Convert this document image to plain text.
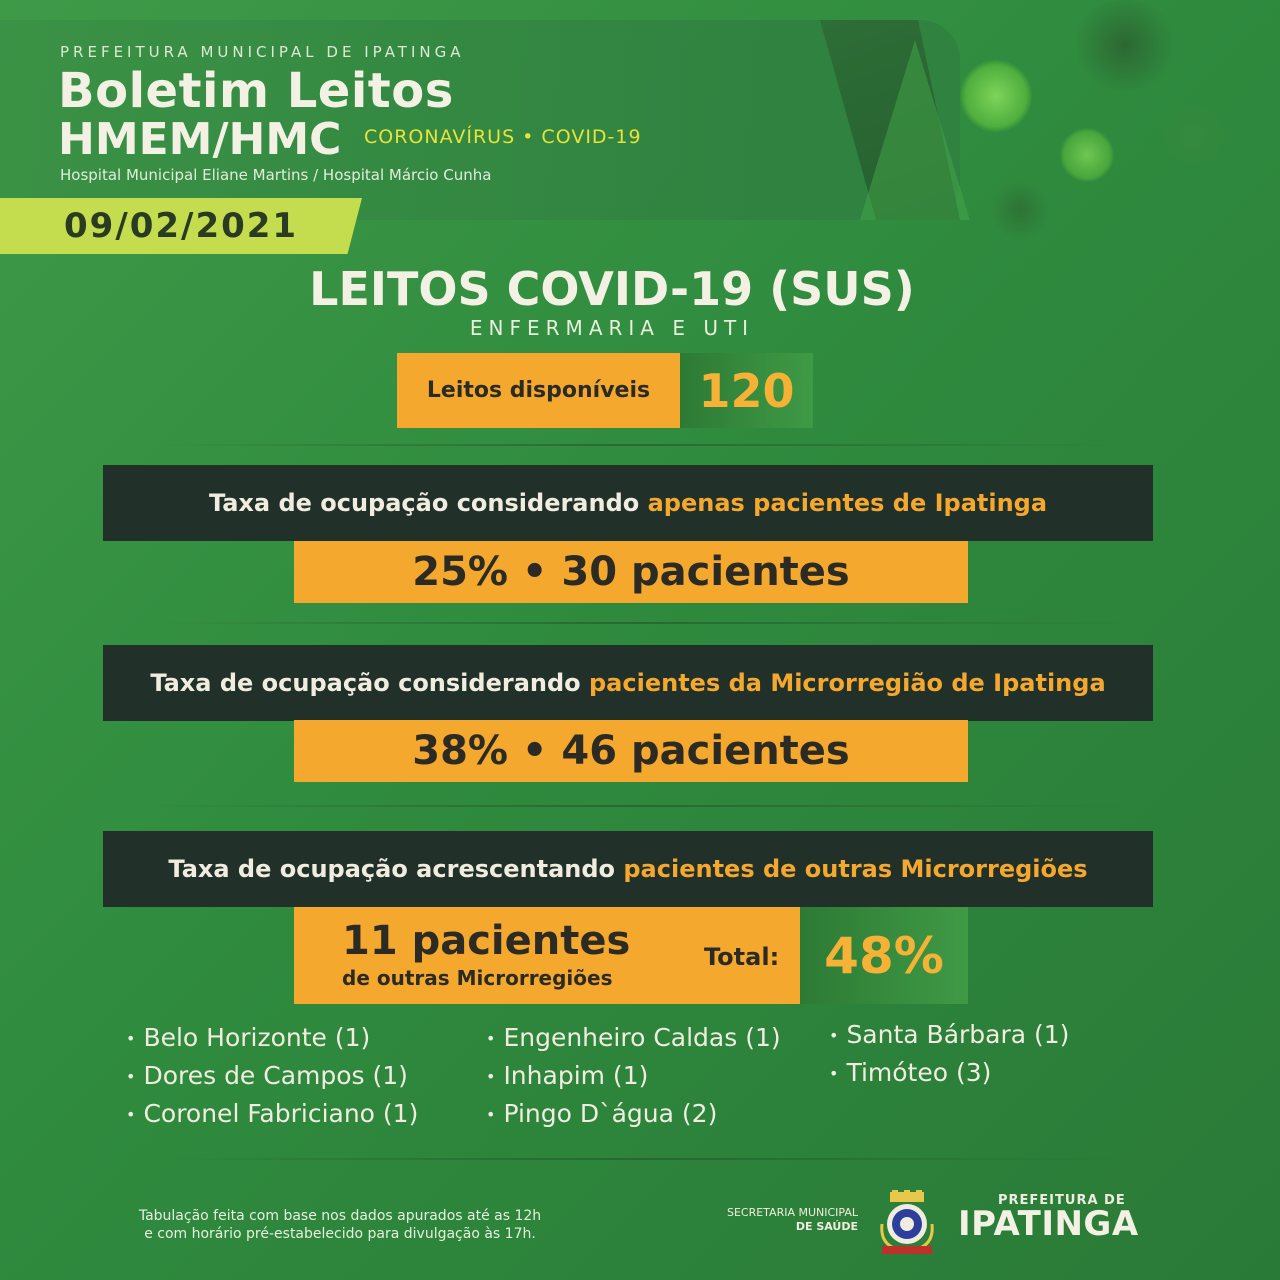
PREFEITURA MUNICIPAL DE IPATINGA
Boletim Leitos
HMEM/HMC CORONAVÍRUS • COVID-19
Hospital Municipal Eliane Martins / Hospital Márcio Cunha
09/02/2021
LEITOS COVID-19 (SUS)
ENFERMARIA E UTI
Leitos disponíveis	120
Taxa de ocupação considerando apenas pacientes de Ipatinga
25% • 30 pacientes
Taxa de ocupação considerando pacientes da Microrregião de Ipatinga
38% • 46 pacientes
Taxa de ocupação acrescentando pacientes de outras Microrregiões
11 pacientes
de outras Microrregiões
Total: 48%
• Belo Horizonte (1)
• Dores de Campos (1)
• Coronel Fabriciano (1)
• Engenheiro Caldas (1)
• Inhapim (1)
• Pingo D`água (2)
• Santa Bárbara (1)
• Timóteo (3)
Tabulação feita com base nos dados apurados até as 12h
e com horário pré-estabelecido para divulgação às 17h.
SECRETARIA MUNICIPAL
DE SAÚDE
PREFEITURA DE
IPATINGA
